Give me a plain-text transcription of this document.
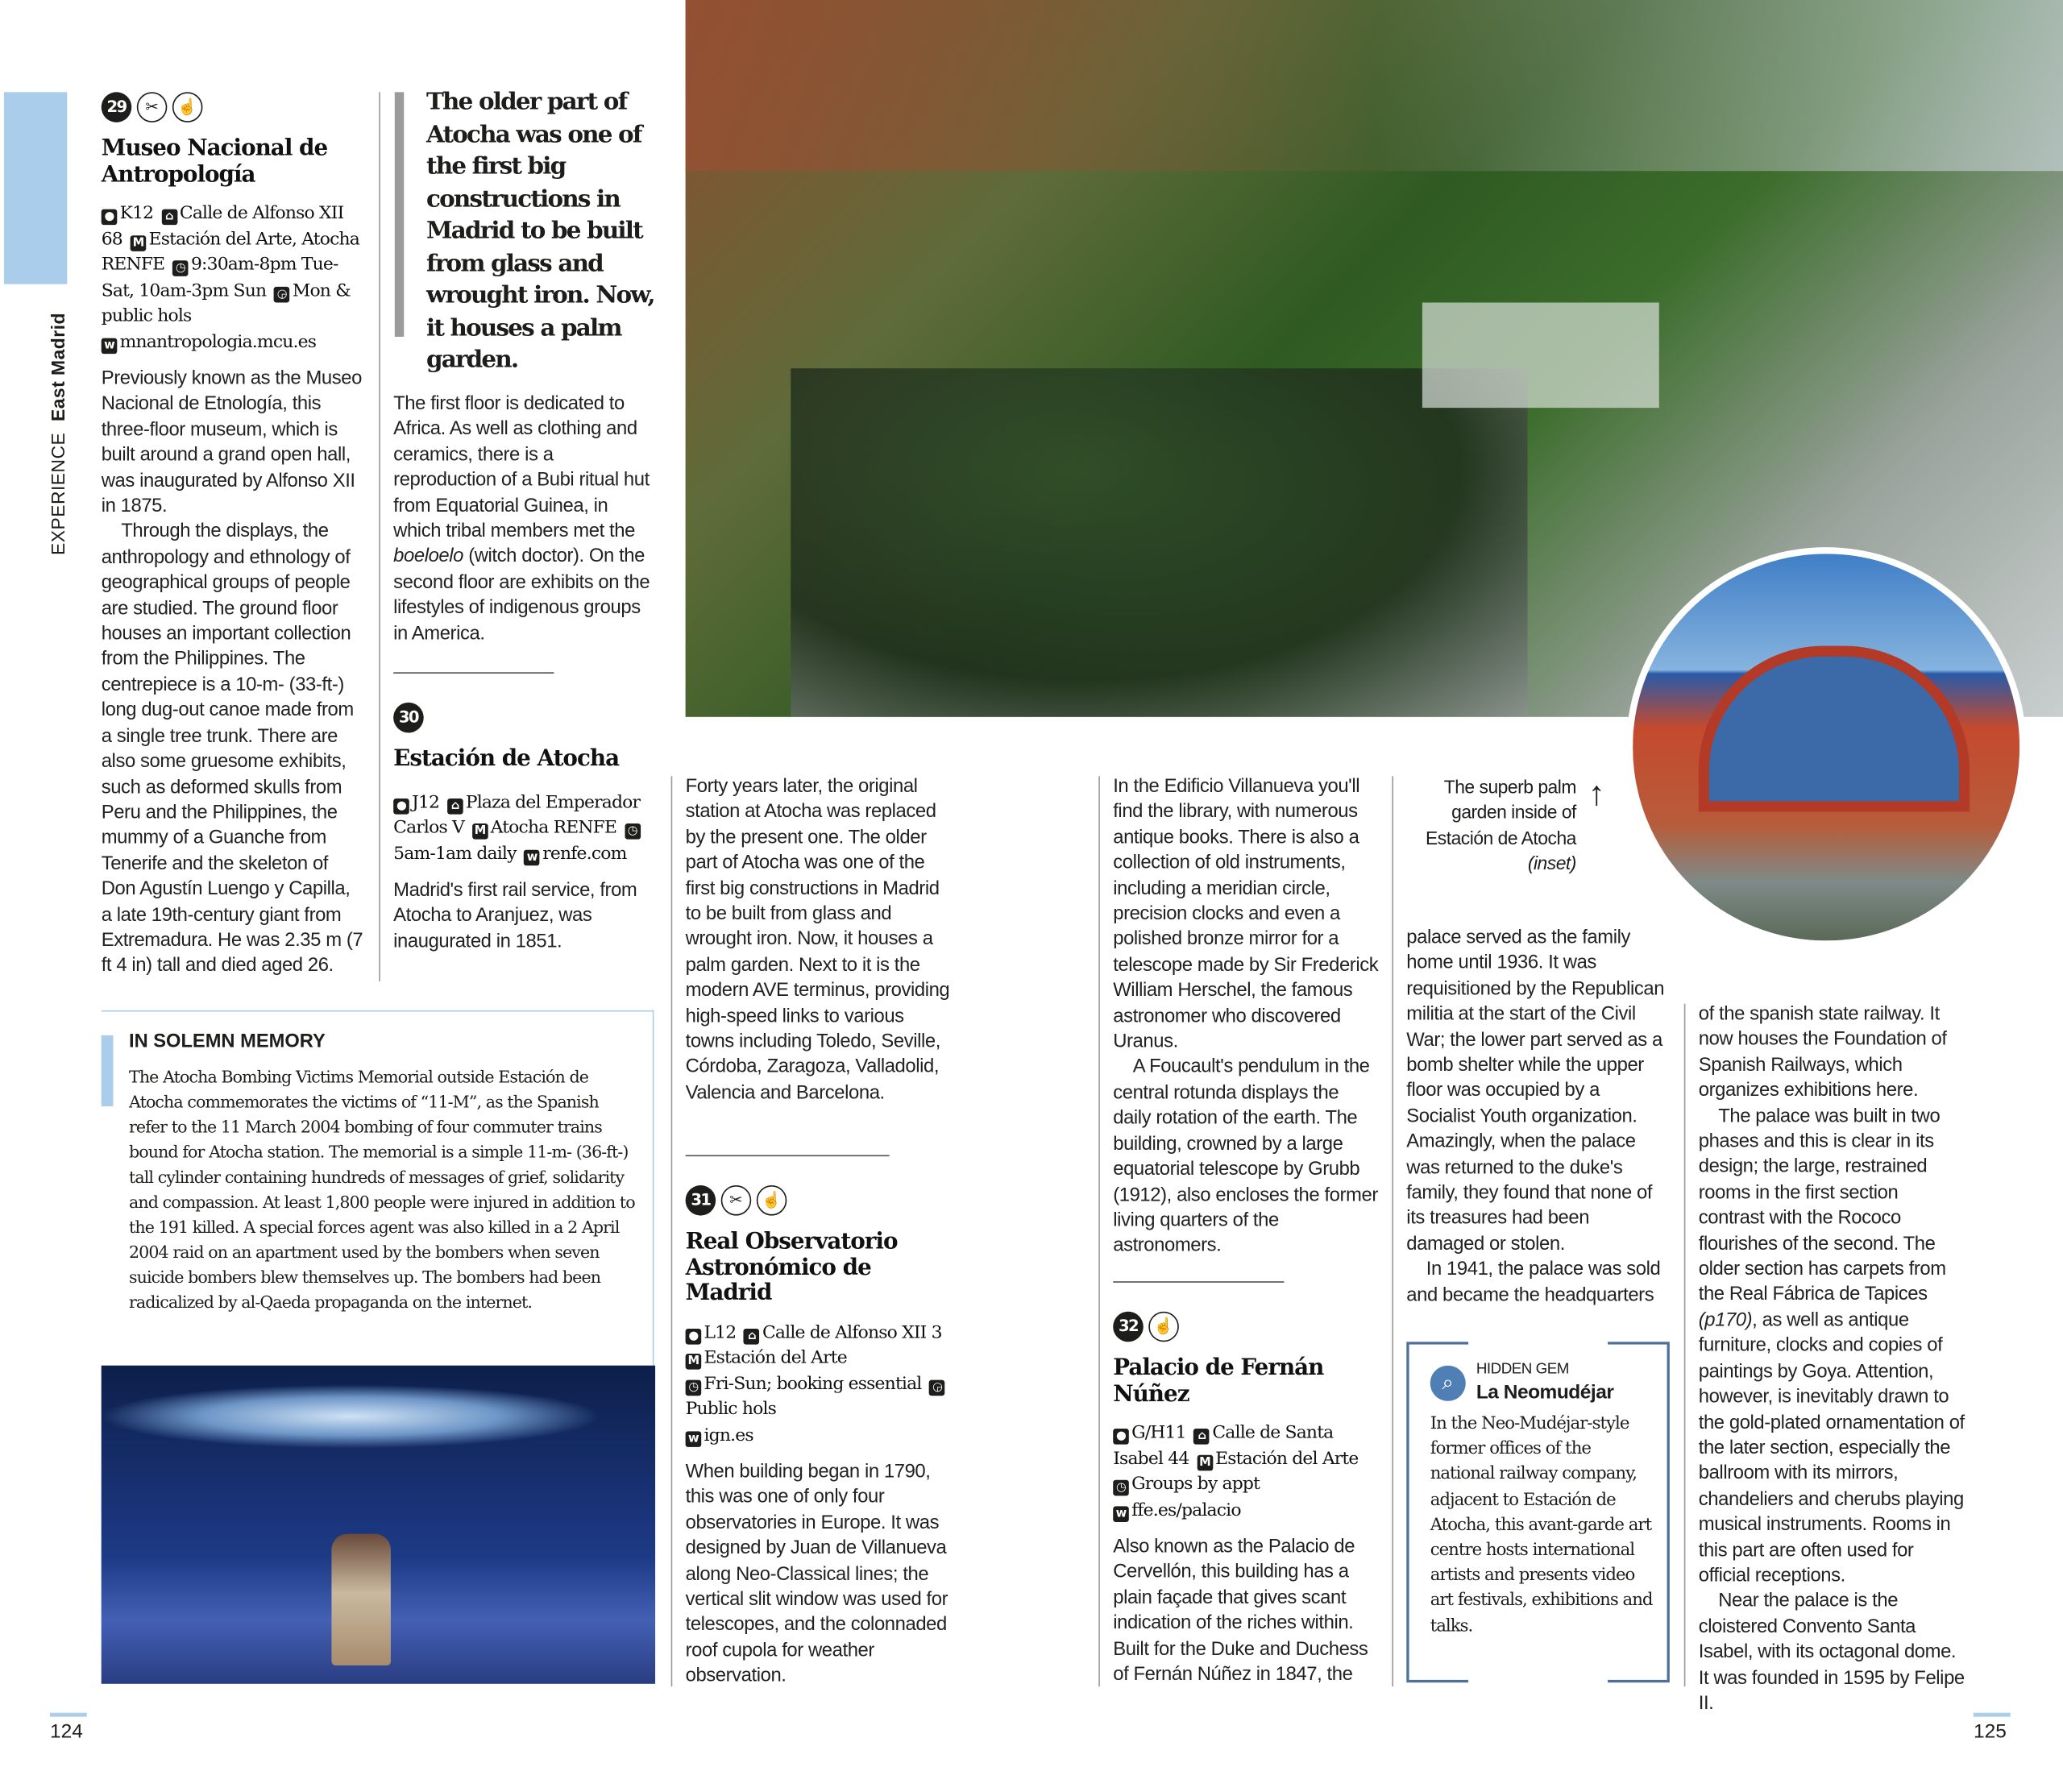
EXPERIENCE  East Madrid
29 ✂ ☝
Museo Nacional de Antropología
● K12 ⌂ Calle de Alfonso XII 68 M Estación del Arte, Atocha RENFE ◷ 9:30am-8pm Tue-Sat, 10am-3pm Sun ◶ Mon & public hols
w mnantropologia.mcu.es

Previously known as the Museo Nacional de Etnología, this three-floor museum, which is built around a grand open hall, was inaugurated by Alfonso XII in 1875.

Through the displays, the anthropology and ethnology of geographical groups of people are studied. The ground floor houses an important collection from the Philippines. The centrepiece is a 10-m- (33-ft-) long dug-out canoe made from a single tree trunk. There are also some gruesome exhibits, such as deformed skulls from Peru and the Philippines, the mummy of a Guanche from Tenerife and the skeleton of Don Agustín Luengo y Capilla, a late 19th-century giant from Extremadura. He was 2.35 m (7 ft 4 in) tall and died aged 26.

The older part of Atocha was one of the first big constructions in Madrid to be built from glass and wrought iron. Now, it houses a palm garden.

The first floor is dedicated to Africa. As well as clothing and ceramics, there is a reproduction of a Bubi ritual hut from Equatorial Guinea, in which tribal members met the boeloelo (witch doctor). On the second floor are exhibits on the lifestyles of indigenous groups in America.

30
Estación de Atocha
● J12 ⌂ Plaza del Emperador Carlos V M Atocha RENFE ◷5am-1am daily w renfe.com

Madrid's first rail service, from Atocha to Aranjuez, was inaugurated in 1851.

IN SOLEMN MEMORY
The Atocha Bombing Victims Memorial outside Estación de Atocha commemorates the victims of “11-M”, as the Spanish refer to the 11 March 2004 bombing of four commuter trains bound for Atocha station. The memorial is a simple 11-m- (36-ft-) tall cylinder containing hundreds of messages of grief, solidarity and compassion. At least 1,800 people were injured in addition to the 191 killed. A special forces agent was also killed in a 2 April 2004 raid on an apartment used by the bombers when seven suicide bombers blew themselves up. The bombers had been radicalized by al-Qaeda propaganda on the internet.

Forty years later, the original station at Atocha was replaced by the present one. The older part of Atocha was one of the first big constructions in Madrid to be built from glass and wrought iron. Now, it houses a palm garden. Next to it is the modern AVE terminus, providing high-speed links to various towns including Toledo, Seville, Córdoba, Zaragoza, Valladolid, Valencia and Barcelona.

31 ✂ ☝
Real Observatorio Astronómico de Madrid
● L12 ⌂ Calle de Alfonso XII 3M Estación del Arte
◷ Fri-Sun; booking essential ◶Public hols
w ign.es

When building began in 1790, this was one of only four observatories in Europe. It was designed by Juan de Villanueva along Neo-Classical lines; the vertical slit window was used for telescopes, and the colonnaded roof cupola for weather observation.

In the Edificio Villanueva you'll find the library, with numerous antique books. There is also a collection of old instruments, including a meridian circle, precision clocks and even a polished bronze mirror for a telescope made by Sir Frederick William Herschel, the famous astronomer who discovered Uranus.

A Foucault's pendulum in the central rotunda displays the daily rotation of the earth. The building, crowned by a large equatorial telescope by Grubb (1912), also encloses the former living quarters of the astronomers.

32 ☝
Palacio de Fernán Núñez
● G/H11 ⌂ Calle de Santa Isabel 44 M Estación del Arte◷ Groups by appt
w ffe.es/palacio

Also known as the Palacio de Cervellón, this building has a plain façade that gives scant indication of the riches within. Built for the Duke and Duchess of Fernán Núñez in 1847, the

The superb palm garden inside of Estación de Atocha (inset)
↑

palace served as the family home until 1936. It was requisitioned by the Republican militia at the start of the Civil War; the lower part served as a bomb shelter while the upper floor was occupied by a Socialist Youth organization. Amazingly, when the palace was returned to the duke's family, they found that none of its treasures had been damaged or stolen.

In 1941, the palace was sold and became the headquarters

⌕
HIDDEN GEM
La Neomudéjar
In the Neo-Mudéjar-style former offices of the national railway company, adjacent to Estación de Atocha, this avant-garde art centre hosts international artists and presents video art festivals, exhibitions and talks.

of the spanish state railway. It now houses the Foundation of Spanish Railways, which organizes exhibitions here.

The palace was built in two phases and this is clear in its design; the large, restrained rooms in the first section contrast with the Rococo flourishes of the second. The older section has carpets from the Real Fábrica de Tapices (p170), as well as antique furniture, clocks and copies of paintings by Goya. Attention, however, is inevitably drawn to the gold-plated ornamentation of the later section, especially the ballroom with its mirrors, chandeliers and cherubs playing musical instruments. Rooms in this part are often used for official receptions.

Near the palace is the cloistered Convento Santa Isabel, with its octagonal dome. It was founded in 1595 by Felipe II.

124	125
